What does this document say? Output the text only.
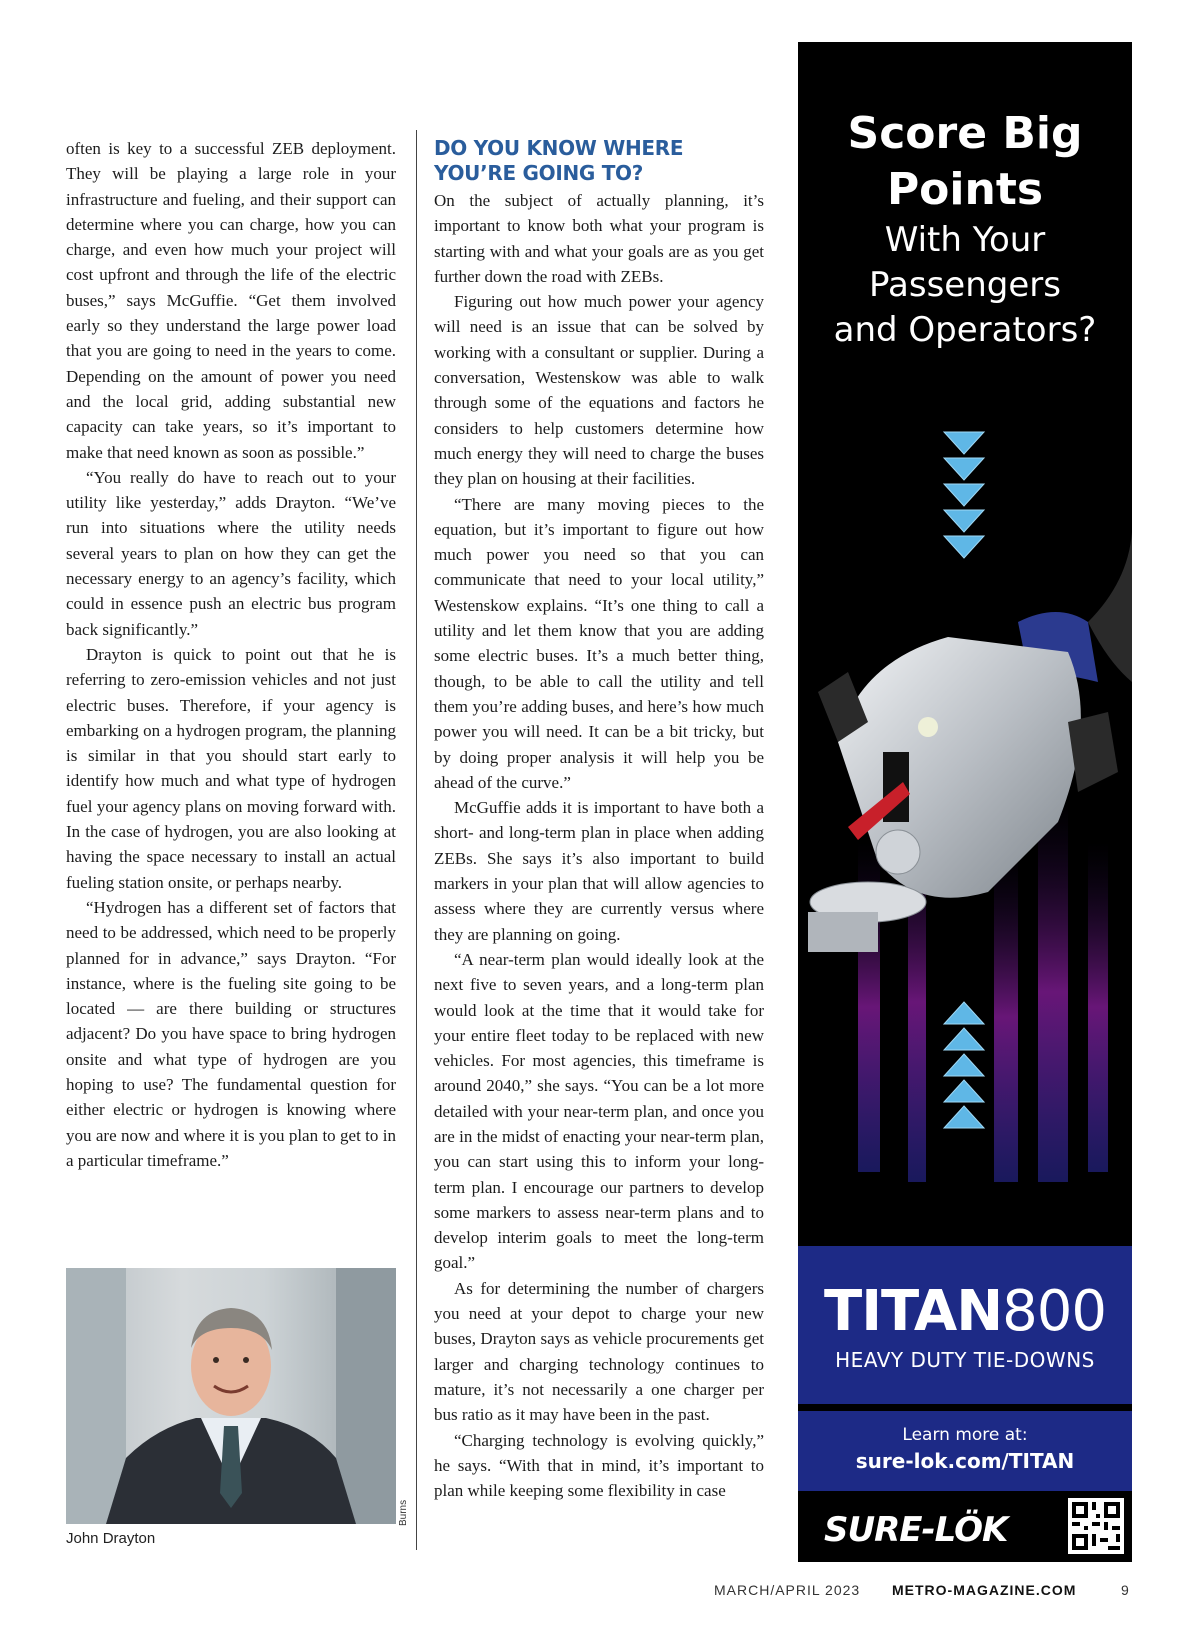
often is key to a successful ZEB deployment. They will be playing a large role in your infrastructure and fueling, and their support can determine where you can charge, how you can charge, and even how much your project will cost upfront and through the life of the electric buses,” says McGuffie. “Get them involved early so they understand the large power load that you are going to need in the years to come. Depending on the amount of power you need and the local grid, adding substantial new capacity can take years, so it’s important to make that need known as soon as possible.”

“You really do have to reach out to your utility like yesterday,” adds Drayton. “We’ve run into situations where the utility needs several years to plan on how they can get the necessary energy to an agency’s facility, which could in essence push an electric bus program back significantly.”

Drayton is quick to point out that he is referring to zero-emission vehicles and not just electric buses. Therefore, if your agency is embarking on a hydrogen program, the planning is similar in that you should start early to identify how much and what type of hydrogen fuel your agency plans on moving forward with. In the case of hydrogen, you are also looking at having the space necessary to install an actual fueling station onsite, or perhaps nearby.

“Hydrogen has a different set of factors that need to be addressed, which need to be properly planned for in advance,” says Drayton. “For instance, where is the fueling site going to be located — are there building or structures adjacent? Do you have space to bring hydrogen onsite and what type of hydrogen are you hoping to use? The fundamental question for either electric or hydrogen is knowing where you are now and where it is you plan to get to in a particular timeframe.”

Burns
John Drayton
DO YOU KNOW WHERE YOU’RE GOING TO?

On the subject of actually planning, it’s important to know both what your program is starting with and what your goals are as you get further down the road with ZEBs.

Figuring out how much power your agency will need is an issue that can be solved by working with a consultant or supplier. During a conversation, Westenskow was able to walk through some of the equations and factors he considers to help customers determine how much energy they will need to charge the buses they plan on housing at their facilities.

“There are many moving pieces to the equation, but it’s important to figure out how much power you need so that you can communicate that need to your local utility,” Westenskow explains. “It’s one thing to call a utility and let them know that you are adding some electric buses. It’s a much better thing, though, to be able to call the utility and tell them you’re adding buses, and here’s how much power you will need. It can be a bit tricky, but by doing proper analysis it will help you be ahead of the curve.”

McGuffie adds it is important to have both a short- and long-term plan in place when adding ZEBs. She says it’s also important to build markers in your plan that will allow agencies to assess where they are currently versus where they are planning on going.

“A near-term plan would ideally look at the next five to seven years, and a long-term plan would look at the time that it would take for your entire fleet today to be replaced with new vehicles. For most agencies, this timeframe is around 2040,” she says. “You can be a lot more detailed with your near-term plan, and once you are in the midst of enacting your near-term plan, you can start using this to inform your long-term plan. I encourage our partners to develop some markers to assess near-term plans and to develop interim goals to meet the long-term goal.”

As for determining the number of chargers you need at your depot to charge your new buses, Drayton says as vehicle procurements get larger and charging technology continues to mature, it’s not necessarily a one charger per bus ratio as it may have been in the past.

“Charging technology is evolving quickly,” he says. “With that in mind, it’s important to plan while keeping some flexibility in case

Score Big
Points
With Your
Passengers
and Operators?
TITAN800
HEAVY DUTY TIE-DOWNS
Learn more at:
sure-lok.com/TITAN
SURE-LÖK
MARCH/APRIL 2023 METRO-MAGAZINE.COM	9
